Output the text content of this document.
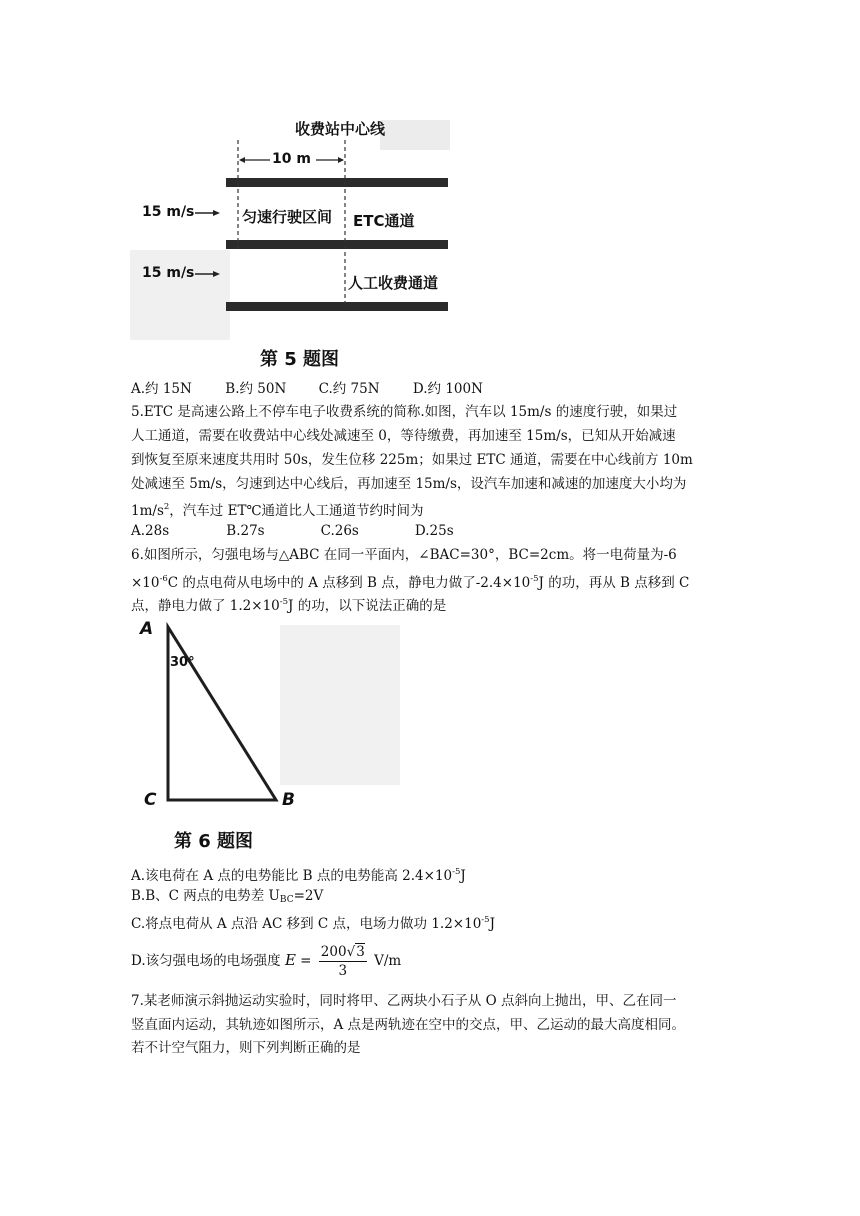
收费站中心线
10 m
15 m/s
15 m/s
匀速行驶区间 ETC通道
人工收费通道
第 5 题图
A.约 15N B.约 50N C.约 75N D.约 100N
5.ETC 是高速公路上不停车电子收费系统的简称.如图，汽车以 15m/s 的速度行驶，如果过
人工通道，需要在收费站中心线处减速至 0，等待缴费，再加速至 15m/s，已知从开始减速
到恢复至原来速度共用时 50s，发生位移 225m；如果过 ETC 通道，需要在中心线前方 10m
处减速至 5m/s，匀速到达中心线后，再加速至 15m/s，设汽车加速和减速的加速度大小均为
$1m/s^2$，汽车过 ET℃通道比人工通道节约时间为
A.28s	B.27s	C.26s	D.25s
6.如图所示，匀强电场与△ABC 在同一平面内，∠BAC=30°，BC=2cm。将一电荷量为-6
$\times 10^{-6}C$ 的点电荷从电场中的 A 点移到 B 点，静电力做了$-2.4\times 10^{-5}J$ 的功，再从 B 点移到 C
点，静电力做了 $1.2\times 10^{-5}J$ 的功，以下说法正确的是
A
30°
C	B
第 6 题图
A.该电荷在 A 点的电势能比 B 点的电势能高 $2.4\times 10^{-5}J$
B.B、C 两点的电势差 $U_{BC}=2V$
C.将点电荷从 A 点沿 AC 移到 C 点，电场力做功 $1.2\times 10^{-5}J$
D.该匀强电场的电场强度 $E = \frac{200√3}{3} V/m$
7.某老师演示斜抛运动实验时，同时将甲、乙两块小石子从 O 点斜向上抛出，甲、乙在同一
竖直面内运动，其轨迹如图所示，A 点是两轨迹在空中的交点，甲、乙运动的最大高度相同。
若不计空气阻力，则下列判断正确的是
